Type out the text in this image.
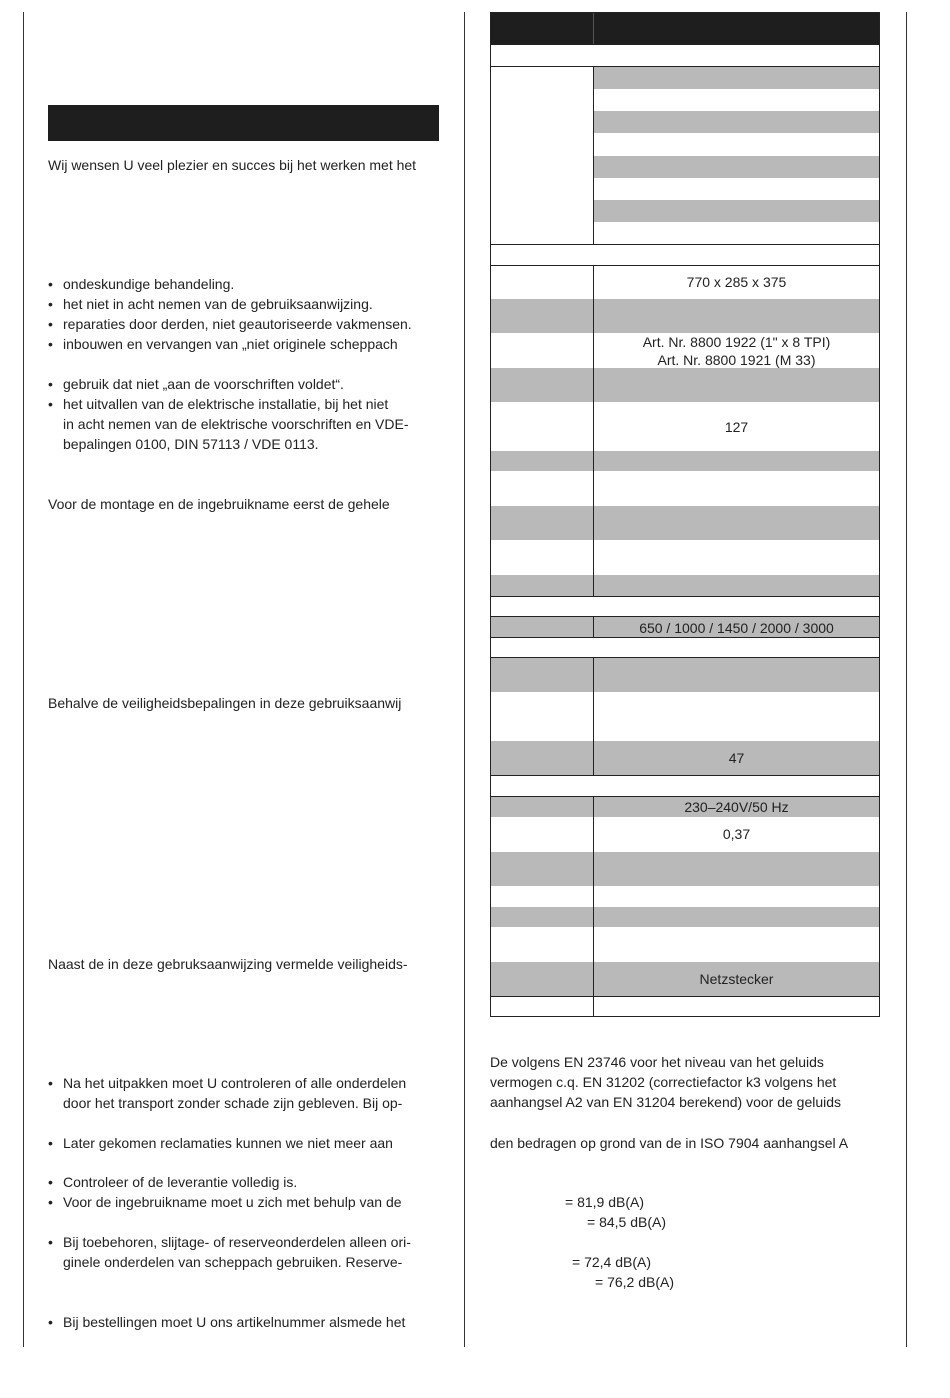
Wij wensen U veel plezier en succes bij het werken met het
• ondeskundige behandeling.
• het niet in acht nemen van de gebruiksaanwijzing.
• reparaties door derden, niet geautoriseerde vakmensen.
• inbouwen en vervangen van „niet originele scheppach
• gebruik dat niet „aan de voorschriften voldet“.
• het uitvallen van de elektrische installatie, bij het niet
in acht nemen van de elektrische voorschriften en VDE-
bepalingen 0100, DIN 57113 / VDE 0113.
Voor de montage en de ingebruikname eerst de gehele
Behalve de veiligheidsbepalingen in deze gebruiksaanwij
Naast de in deze gebruksaanwijzing vermelde veiligheids-
• Na het uitpakken moet U controleren of alle onderdelen
door het transport zonder schade zijn gebleven. Bij op-
• Later gekomen reclamaties kunnen we niet meer aan
• Controleer of de leverantie volledig is.
• Voor de ingebruikname moet u zich met behulp van de
• Bij toebehoren, slijtage- of reserveonderdelen alleen ori-
ginele onderdelen van scheppach gebruiken. Reserve-
• Bij bestellingen moet U ons artikelnummer alsmede het
770 x 285 x 375
Art. Nr. 8800 1922 (1" x 8 TPI)
Art. Nr. 8800 1921 (M 33)
127
650 / 1000 / 1450 / 2000 / 3000
47
230–240V/50 Hz
0,37
Netzstecker
De volgens EN 23746 voor het niveau van het geluids
vermogen c.q. EN 31202 (correctiefactor k3 volgens het
aanhangsel A2 van EN 31204 berekend) voor de geluids
den bedragen op grond van de in ISO 7904 aanhangsel A
= 81,9 dB(A)
= 84,5 dB(A)
= 72,4 dB(A)
= 76,2 dB(A)
